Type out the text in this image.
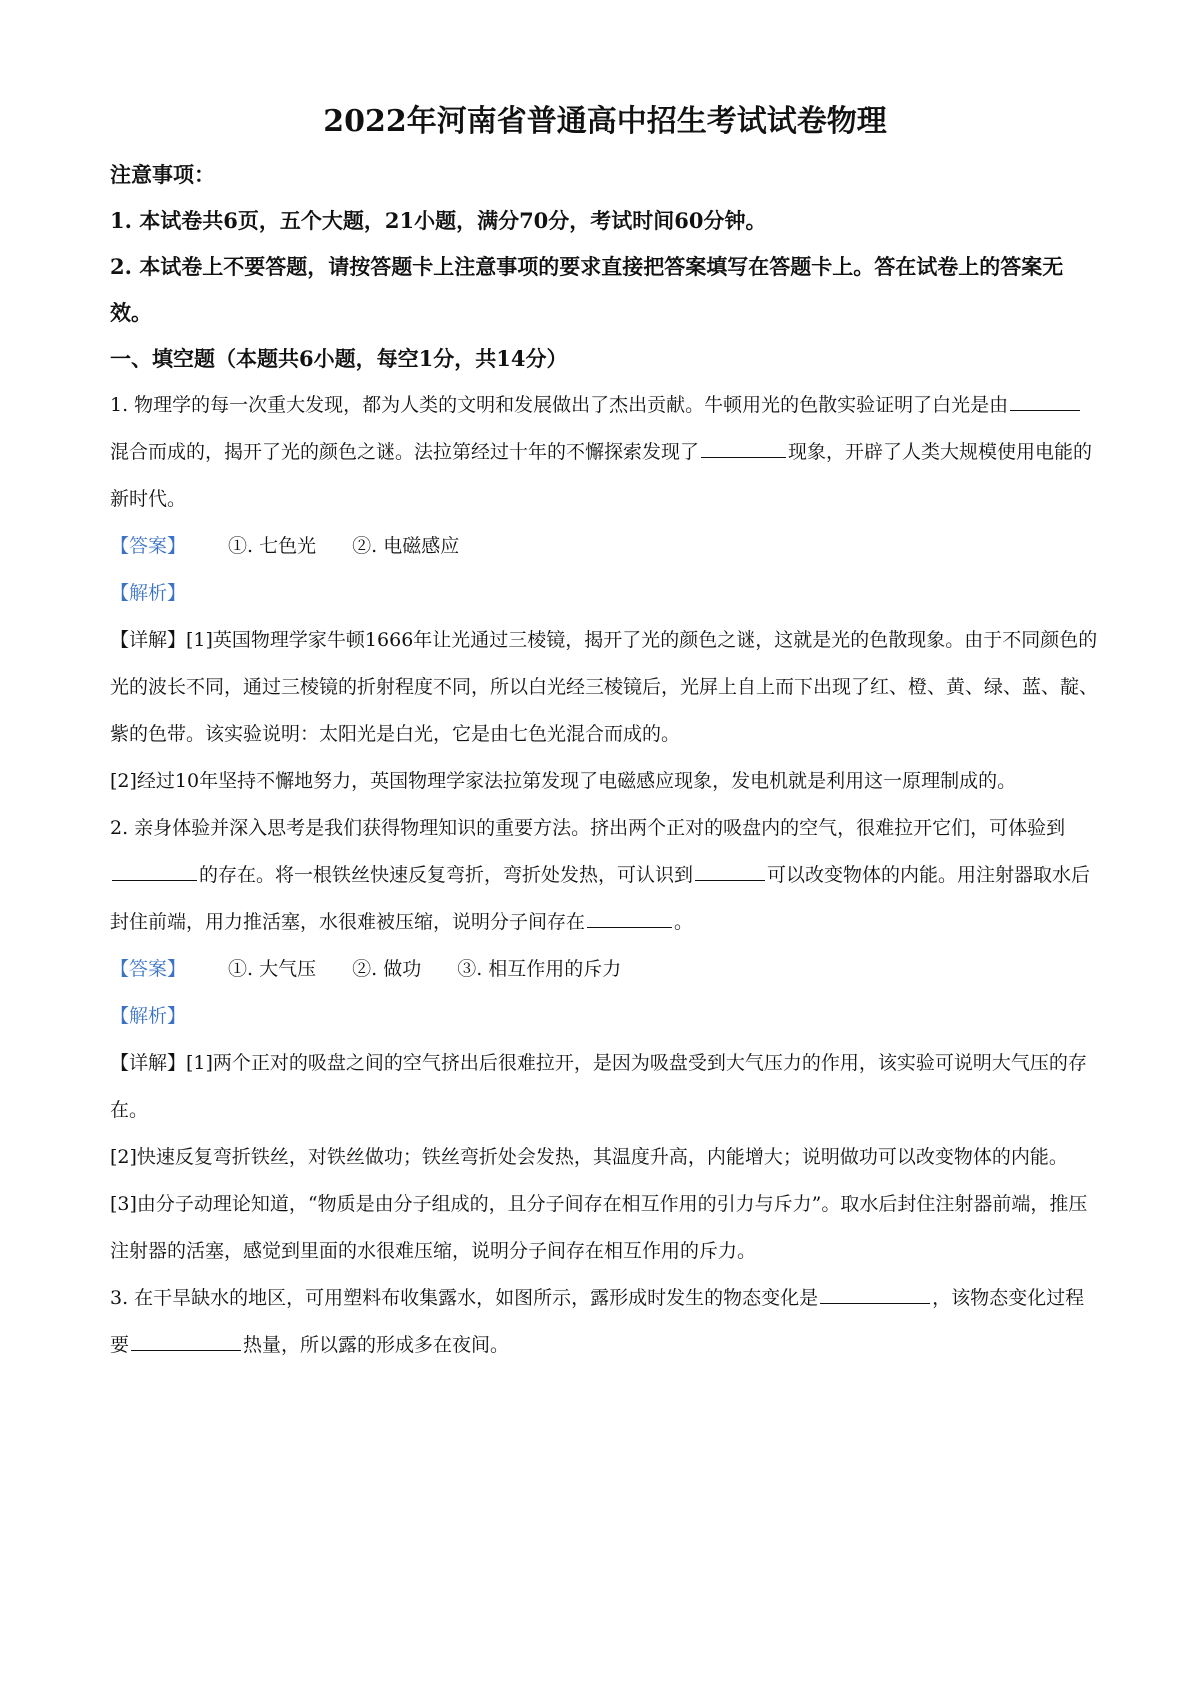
2022年河南省普通高中招生考试试卷物理

注意事项：

1. 本试卷共6页，五个大题，21小题，满分70分，考试时间60分钟。

2. 本试卷上不要答题，请按答题卡上注意事项的要求直接把答案填写在答题卡上。答在试卷上的答案无效。

一、填空题（本题共6小题，每空1分，共14分）

1. 物理学的每一次重大发现，都为人类的文明和发展做出了杰出贡献。牛顿用光的色散实验证明了白光是由混合而成的，揭开了光的颜色之谜。法拉第经过十年的不懈探索发现了	现象，开辟了人类大规模使用电能的新时代。

【答案】 ①. 七色光 ②. 电磁感应

【解析】

【详解】[1]英国物理学家牛顿1666年让光通过三棱镜，揭开了光的颜色之谜，这就是光的色散现象。由于不同颜色的光的波长不同，通过三棱镜的折射程度不同，所以白光经三棱镜后，光屏上自上而下出现了红、橙、黄、绿、蓝、靛、紫的色带。该实验说明：太阳光是白光，它是由七色光混合而成的。

[2]经过10年坚持不懈地努力，英国物理学家法拉第发现了电磁感应现象，发电机就是利用这一原理制成的。

2. 亲身体验并深入思考是我们获得物理知识的重要方法。挤出两个正对的吸盘内的空气，很难拉开它们，可体验到的存在。将一根铁丝快速反复弯折，弯折处发热，可认识到	可以改变物体的内能。用注射器取水后封住前端，用力推活塞，水很难被压缩，说明分子间存在	。

【答案】 ①. 大气压 ②. 做功 ③. 相互作用的斥力

【解析】

【详解】[1]两个正对的吸盘之间的空气挤出后很难拉开，是因为吸盘受到大气压力的作用，该实验可说明大气压的存在。

[2]快速反复弯折铁丝，对铁丝做功；铁丝弯折处会发热，其温度升高，内能增大；说明做功可以改变物体的内能。

[3]由分子动理论知道，“物质是由分子组成的，且分子间存在相互作用的引力与斥力”。取水后封住注射器前端，推压注射器的活塞，感觉到里面的水很难压缩，说明分子间存在相互作用的斥力。

3. 在干旱缺水的地区，可用塑料布收集露水，如图所示，露形成时发生的物态变化是	，该物态变化过程要	热量，所以露的形成多在夜间。
